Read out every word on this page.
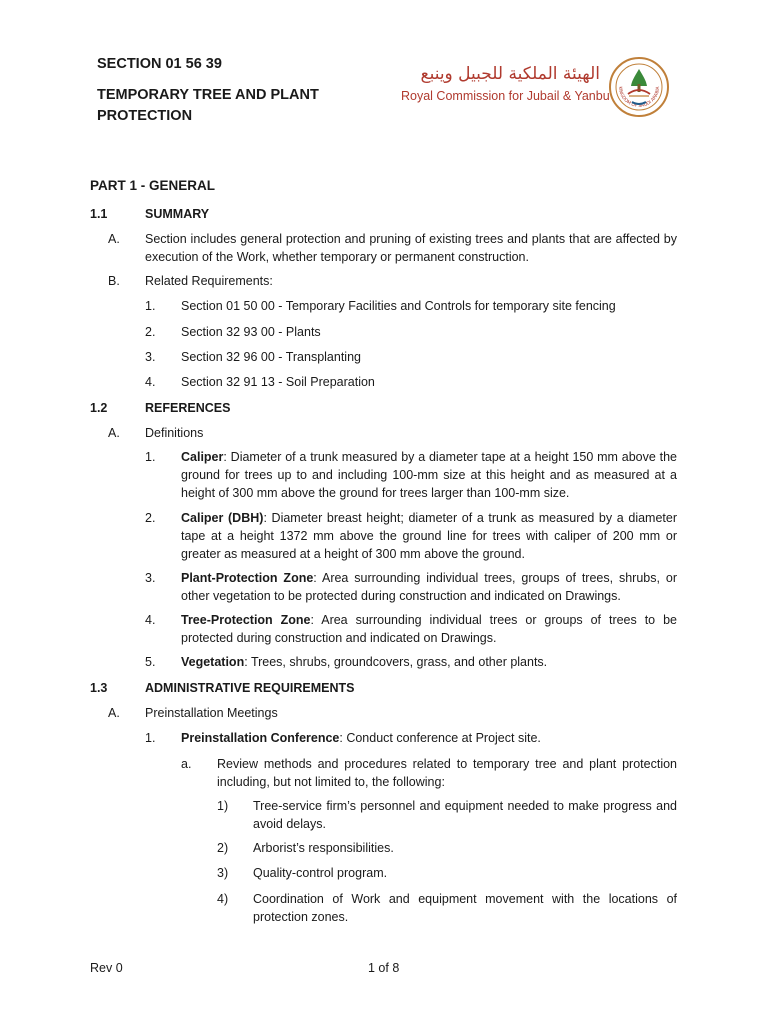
SECTION 01 56 39
TEMPORARY TREE AND PLANT PROTECTION
الهيئة الملكية للجبيل وينبع
Royal Commission for Jubail & Yanbu
KINGDOM OF SAUDI ARABIA
PART 1 - GENERAL
1.1	SUMMARY
A. Section includes general protection and pruning of existing trees and plants that are affected by execution of the Work, whether temporary or permanent construction.
B. Related Requirements:
1. Section 01 50 00 - Temporary Facilities and Controls for temporary site fencing
2. Section 32 93 00 - Plants
3. Section 32 96 00 - Transplanting
4. Section 32 91 13 - Soil Preparation
1.2	REFERENCES
A. Definitions
1. Caliper: Diameter of a trunk measured by a diameter tape at a height 150 mm above the ground for trees up to and including 100-mm size at this height and as measured at a height of 300 mm above the ground for trees larger than 100-mm size.
2. Caliper (DBH): Diameter breast height; diameter of a trunk as measured by a diameter tape at a height 1372 mm above the ground line for trees with caliper of 200 mm or greater as measured at a height of 300 mm above the ground.
3. Plant-Protection Zone: Area surrounding individual trees, groups of trees, shrubs, or other vegetation to be protected during construction and indicated on Drawings.
4. Tree-Protection Zone: Area surrounding individual trees or groups of trees to be protected during construction and indicated on Drawings.
5. Vegetation: Trees, shrubs, groundcovers, grass, and other plants.
1.3	ADMINISTRATIVE REQUIREMENTS
A. Preinstallation Meetings
1. Preinstallation Conference: Conduct conference at Project site.
a. Review methods and procedures related to temporary tree and plant protection including, but not limited to, the following:
1) Tree-service firm’s personnel and equipment needed to make progress and avoid delays.
2) Arborist’s responsibilities.
3) Quality-control program.
4) Coordination of Work and equipment movement with the locations of protection zones.
Rev 0	1 of 8
